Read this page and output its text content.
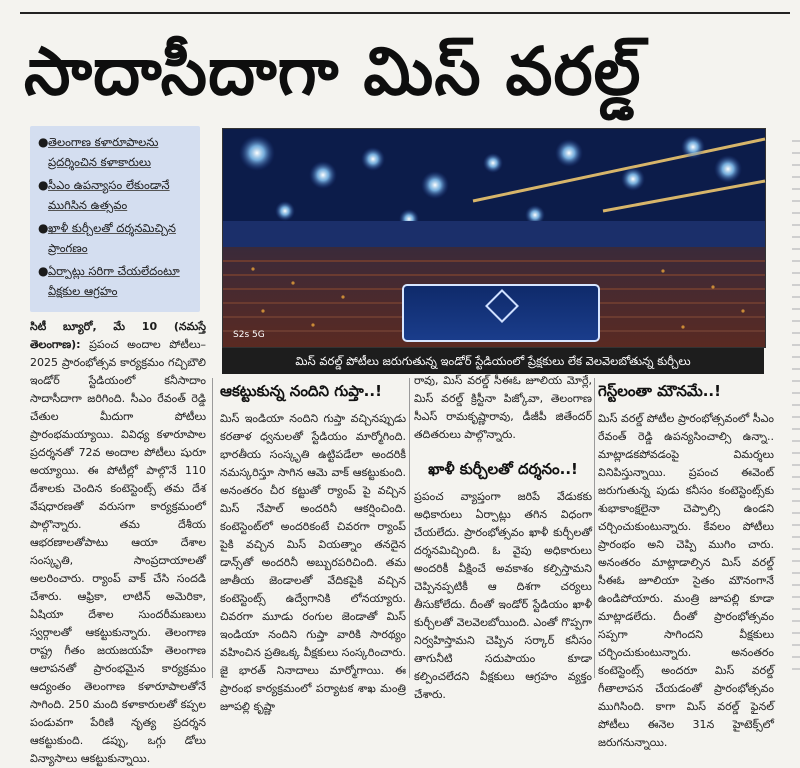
సాదాసీదాగా మిస్‌ వరల్డ్
● తెలంగాణ కళారూపాలను ప్రదర్శించిన కళాకారులు
● సీఎం ఉపన్యాసం లేకుండానే ముగిసిన ఉత్సవం
● ఖాళీ కుర్చీలతో దర్శనమిచ్చిన ప్రాంగణం
● ఏర్పాట్లు సరిగా చేయలేదంటూ వీక్షకుల ఆగ్రహం
S2s 5G
మిస్‌ వరల్డ్‌ పోటీలు జరుగుతున్న ఇండోర్‌ స్టేడియంలో ప్రేక్షకులు లేక వెలవెలబోతున్న కుర్చీలు

సిటీ బ్యూరో, మే 10 (నమస్తే తెలంగాణ): ప్రపంచ అందాల పోటీలు–2025 ప్రారంభోత్సవ కార్యక్రమం గచ్చిబౌలి ఇండోర్‌ స్టేడియంలో కనీసాదాం సాదాసీదాగా జరిగింది. సీఎం రేవంత్‌ రెడ్డి చేతుల మీదుగా పోటీలు ప్రారంభమయ్యాయి. వివిధ్య కళారూపాల ప్రదర్శనతో 72వ అందాల పోటీలు షురూ అయ్యాయి. ఈ పోటీల్లో పాల్గొనే 110 దేశాలకు చెందిన కంటెస్టెంట్స్‌ తమ దేశ వేషధారణతో వరుసగా కార్యక్రమంలో పాల్గొన్నారు. తమ దేశీయ ఆభరణాలతోపాటు ఆయా దేశాల సంస్కృతి, సాంప్రదాయాలతో అలరించారు. ర్యాంప్‌ వాక్‌ చేసి సందడి చేశారు. ఆఫ్రికా, లాటిన్‌ అమెరికా, ఏషియా దేశాల సుందరీమణులు స్వర్గాలతో ఆకట్టుకున్నారు. తెలంగాణ రాష్ట్ర గీతం జయజయహే తెలంగాణ ఆలాపనతో ప్రారంభమైన కార్యక్రమం ఆద్యంతం తెలంగాణ కళారూపాలతోనే సాగింది. 250 మంది కళాకారులతో కప్పల పండువగా పేరిణి నృత్య ప్రదర్శన ఆకట్టుకుంది. డప్పు, ఒగ్గు డోలు విన్యాసాలు ఆకట్టుకున్నాయి.

ఆకట్టుకున్న నందిని గుప్తా..!

మిస్‌ ఇండియా నందిని గుప్తా వచ్చినప్పుడు కరతాళ ధ్వనులతో స్టేడియం మార్మోగింది. భారతీయ సంస్కృతి ఉట్టిపడేలా అందరికీ నమస్కరిస్తూ సాగిన ఆమె వాక్‌ ఆకట్టుకుంది. అనంతరం చీర కట్టుతో ర్యాంప్‌ పై వచ్చిన మిస్‌ నేపాల్‌ అందరినీ ఆకర్షించింది. కంటెస్టెంట్‌లో అందరికంటే చివరగా ర్యాంప్‌ పైకి వచ్చిన మిస్‌ వియత్నాం తనదైన డాన్స్‌తో అందరినీ అబ్బురపరిచింది. తమ జాతీయ జెండాలతో వేదికపైకి వచ్చిన కంటెస్టెంట్స్‌ ఉద్వేగానికి లోనయ్యారు. చివరగా మూడు రంగుల జెండాతో మిస్‌ ఇండియా నందిని గుప్తా వారికి సారథ్యం వహించిన ప్రతిఒక్క వీక్షకులు సంస్కరించారు. జై భారత్‌ నినాదాలు మార్మోగాయి. ఈ ప్రారంభ కార్యక్రమంలో పర్యాటక శాఖ మంత్రి జూపల్లి కృష్ణా

రావు, మిస్‌ వరల్డ్‌ సీఈఓ జూలియ మోర్లే, మిస్‌ వరల్డ్‌ క్రిస్టీనా పిజ్కోవా, తెలంగాణ సీఎస్‌ రామకృష్ణారావు, డీజీపీ జితేందర్‌ తదితరులు పాల్గొన్నారు.

ఖాళీ కుర్చీలతో దర్శనం..!

ప్రపంచ వ్యాప్తంగా జరిపే వేడుకకు అధికారులు ఏర్పాట్లు తగిన విధంగా చేయలేదు. ప్రారంభోత్సవం ఖాళీ కుర్చీలతో దర్శనమిచ్చింది. ఓ వైపు అధికారులు అందరికీ వీక్షించే అవకాశం కల్పిస్తామని చెప్పినప్పటికీ ఆ దిశగా చర్యలు తీసుకోలేదు. దీంతో ఇండోర్‌ స్టేడియం ఖాళీ కుర్చీలతో వెలవెలబోయింది. ఎంతో గొప్పగా నిర్వహిస్తామని చెప్పిన సర్కార్‌ కనీసం తాగునీటి సదుపాయం కూడా కల్పించలేదని వీక్షకులు ఆగ్రహం వ్యక్తం చేశారు.

గెస్ట్‌లంతా మౌనమే..!

మిస్‌ వరల్డ్‌ పోటీల ప్రారంభోత్సవంలో సీఎం రేవంత్‌ రెడ్డి ఉపన్యసించాల్సి ఉన్నా.. మాట్లాడకపోవడంపై విమర్శలు వినిపిస్తున్నాయి. ప్రపంచ ఈవెంట్‌ జరుగుతున్న పుడు కనీసం కంటెస్టెంట్స్‌కు శుభాకాంక్షలైనా చెప్పాల్సి ఉండని చర్చించుకుంటున్నారు. కేవలం పోటీలు ప్రారంభం అని చెప్పి ముగిం చారు. అనంతరం మాట్లాడాల్సిన మిస్‌ వరల్డ్‌ సీఈఓ జూలియా సైతం మౌనంగానే ఉండిపోయారు. మంత్రి జూపల్లి కూడా మాట్లాడలేదు. దీంతో ప్రారంభోత్సవం సప్పగా సాగిందని వీక్షకులు చర్చించుకుంటున్నారు. అనంతరం కంటెస్టెంట్స్‌ అందరూ మిస్‌ వరల్డ్‌ గీతాలాపన చేయడంతో ప్రారంభోత్సవం ముగిసింది. కాగా మిస్‌ వరల్డ్‌ ఫైనల్‌ పోటీలు ఈనెల 31న హైటెక్స్‌లో జరుగనున్నాయి.
